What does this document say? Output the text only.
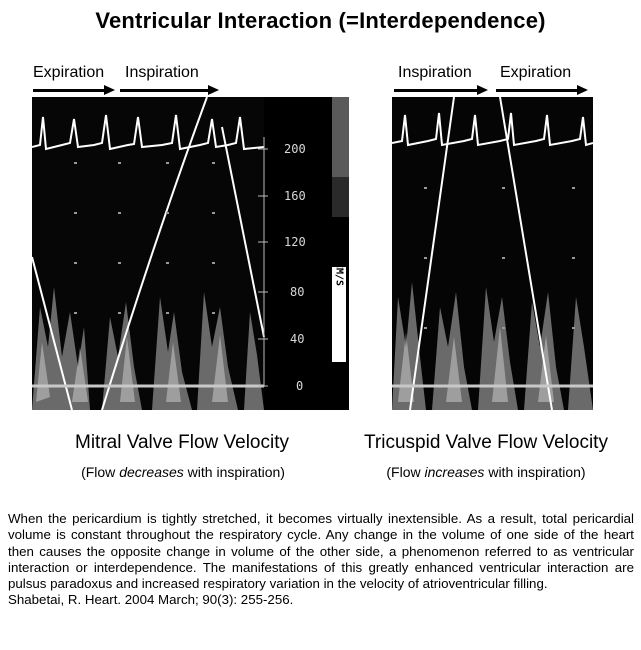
Ventricular Interaction (=Interdependence)
Expiration Inspiration	Inspiration Expiration
200
160
120
80
40
0
+CM/S
Mitral Valve Flow Velocity
(Flow decreases with inspiration)
Tricuspid Valve Flow Velocity
(Flow increases with inspiration)
When the pericardium is tightly stretched, it becomes virtually inextensible. As a result, total pericardial volume is constant throughout the respiratory cycle. Any change in the volume of one side of the heart then causes the opposite change in volume of the other side, a phenomenon referred to as ventricular interaction or interdependence. The manifestations of this greatly enhanced ventricular interaction are pulsus paradoxus and increased respiratory variation in the velocity of atrioventricular filling.
Shabetai, R. Heart. 2004 March; 90(3): 255-256.
